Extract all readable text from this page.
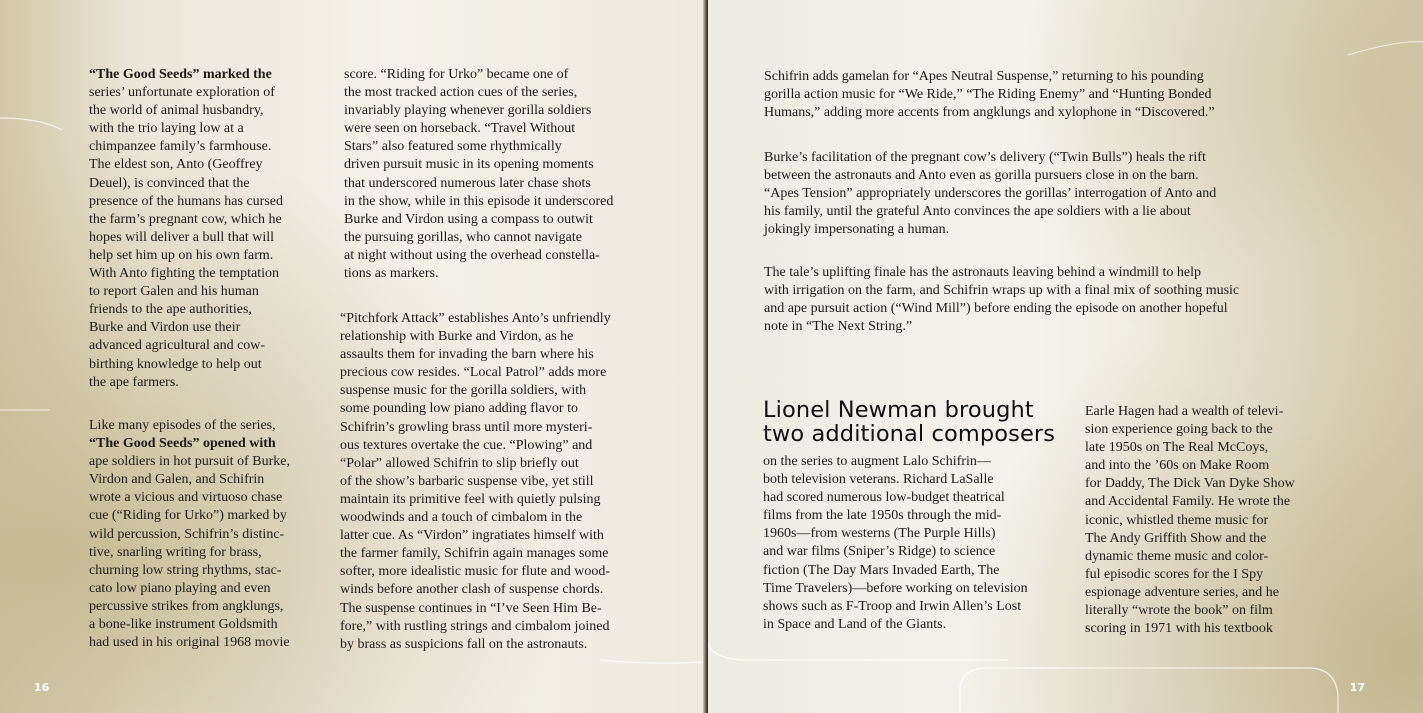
“The Good Seeds” marked the
series’ unfortunate exploration of
the world of animal husbandry,
with the trio laying low at a
chimpanzee family’s farmhouse.
The eldest son, Anto (Geoffrey
Deuel), is convinced that the
presence of the humans has cursed
the farm’s pregnant cow, which he
hopes will deliver a bull that will
help set him up on his own farm.
With Anto fighting the temptation
to report Galen and his human
friends to the ape authorities,
Burke and Virdon use their
advanced agricultural and cow-
birthing knowledge to help out
the ape farmers.
Like many episodes of the series,
“The Good Seeds” opened with
ape soldiers in hot pursuit of Burke,
Virdon and Galen, and Schifrin
wrote a vicious and virtuoso chase
cue (“Riding for Urko”) marked by
wild percussion, Schifrin’s distinc-
tive, snarling writing for brass,
churning low string rhythms, stac-
cato low piano playing and even
percussive strikes from angklungs,
a bone-like instrument Goldsmith
had used in his original 1968 movie
score. “Riding for Urko” became one of
the most tracked action cues of the series,
invariably playing whenever gorilla soldiers
were seen on horseback. “Travel Without
Stars” also featured some rhythmically
driven pursuit music in its opening moments
that underscored numerous later chase shots
in the show, while in this episode it underscored
Burke and Virdon using a compass to outwit
the pursuing gorillas, who cannot navigate
at night without using the overhead constella-
tions as markers.
“Pitchfork Attack” establishes Anto’s unfriendly
relationship with Burke and Virdon, as he
assaults them for invading the barn where his
precious cow resides. “Local Patrol” adds more
suspense music for the gorilla soldiers, with
some pounding low piano adding flavor to
Schifrin’s growling brass until more mysteri-
ous textures overtake the cue. “Plowing” and
“Polar” allowed Schifrin to slip briefly out
of the show’s barbaric suspense vibe, yet still
maintain its primitive feel with quietly pulsing
woodwinds and a touch of cimbalom in the
latter cue. As “Virdon” ingratiates himself with
the farmer family, Schifrin again manages some
softer, more idealistic music for flute and wood-
winds before another clash of suspense chords.
The suspense continues in “I’ve Seen Him Be-
fore,” with rustling strings and cimbalom joined
by brass as suspicions fall on the astronauts.
16
Schifrin adds gamelan for “Apes Neutral Suspense,” returning to his pounding
gorilla action music for “We Ride,” “The Riding Enemy” and “Hunting Bonded
Humans,” adding more accents from angklungs and xylophone in “Discovered.”
Burke’s facilitation of the pregnant cow’s delivery (“Twin Bulls”) heals the rift
between the astronauts and Anto even as gorilla pursuers close in on the barn.
“Apes Tension” appropriately underscores the gorillas’ interrogation of Anto and
his family, until the grateful Anto convinces the ape soldiers with a lie about
jokingly impersonating a human.
The tale’s uplifting finale has the astronauts leaving behind a windmill to help
with irrigation on the farm, and Schifrin wraps up with a final mix of soothing music
and ape pursuit action (“Wind Mill”) before ending the episode on another hopeful
note in “The Next String.”
Lionel Newman brought
two additional composers
on the series to augment Lalo Schifrin—
both television veterans. Richard LaSalle
had scored numerous low-budget theatrical
films from the late 1950s through the mid-
1960s—from westerns (The Purple Hills)
and war films (Sniper’s Ridge) to science
fiction (The Day Mars Invaded Earth, The
Time Travelers)—before working on television
shows such as F-Troop and Irwin Allen’s Lost
in Space and Land of the Giants.
Earle Hagen had a wealth of televi-
sion experience going back to the
late 1950s on The Real McCoys,
and into the ’60s on Make Room
for Daddy, The Dick Van Dyke Show
and Accidental Family. He wrote the
iconic, whistled theme music for
The Andy Griffith Show and the
dynamic theme music and color-
ful episodic scores for the I Spy
espionage adventure series, and he
literally “wrote the book” on film
scoring in 1971 with his textbook
17
